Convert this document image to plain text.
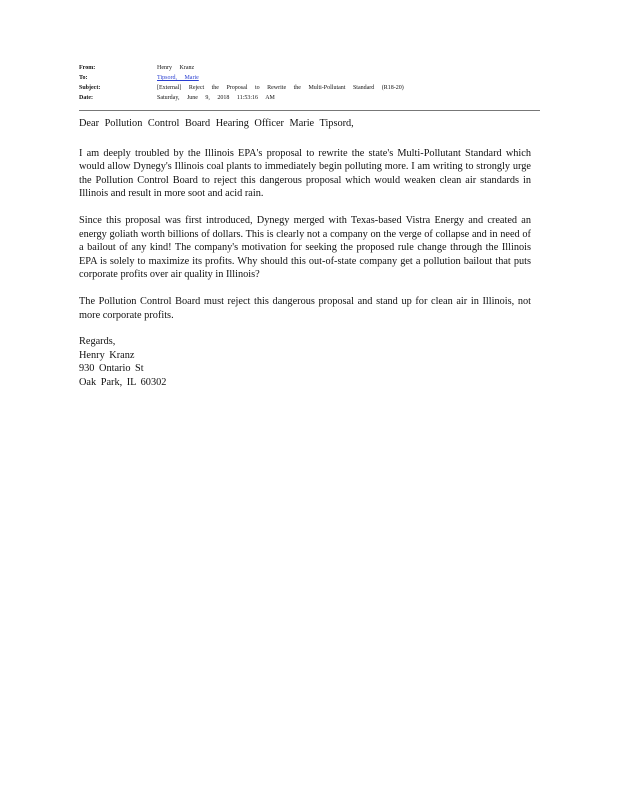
From:	Henry Kranz
To:	Tipsord, Marie
Subject:	[External] Reject the Proposal to Rewrite the Multi-Pollutant Standard (R18-20)
Date:	Saturday, June 9, 2018 11:53:16 AM

Dear Pollution Control Board Hearing Officer Marie Tipsord,

I am deeply troubled by the Illinois EPA's proposal to rewrite the state's Multi-Pollutant Standard which would allow Dynegy's Illinois coal plants to immediately begin polluting more. I am writing to strongly urge the Pollution Control Board to reject this dangerous proposal which would weaken clean air standards in Illinois and result in more soot and acid rain.

Since this proposal was first introduced, Dynegy merged with Texas-based Vistra Energy and created an energy goliath worth billions of dollars. This is clearly not a company on the verge of collapse and in need of a bailout of any kind! The company's motivation for seeking the proposed rule change through the Illinois EPA is solely to maximize its profits. Why should this out-of-state company get a pollution bailout that puts corporate profits over air quality in Illinois?

The Pollution Control Board must reject this dangerous proposal and stand up for clean air in Illinois, not more corporate profits.

Regards,
Henry Kranz
930 Ontario St
Oak Park, IL 60302
